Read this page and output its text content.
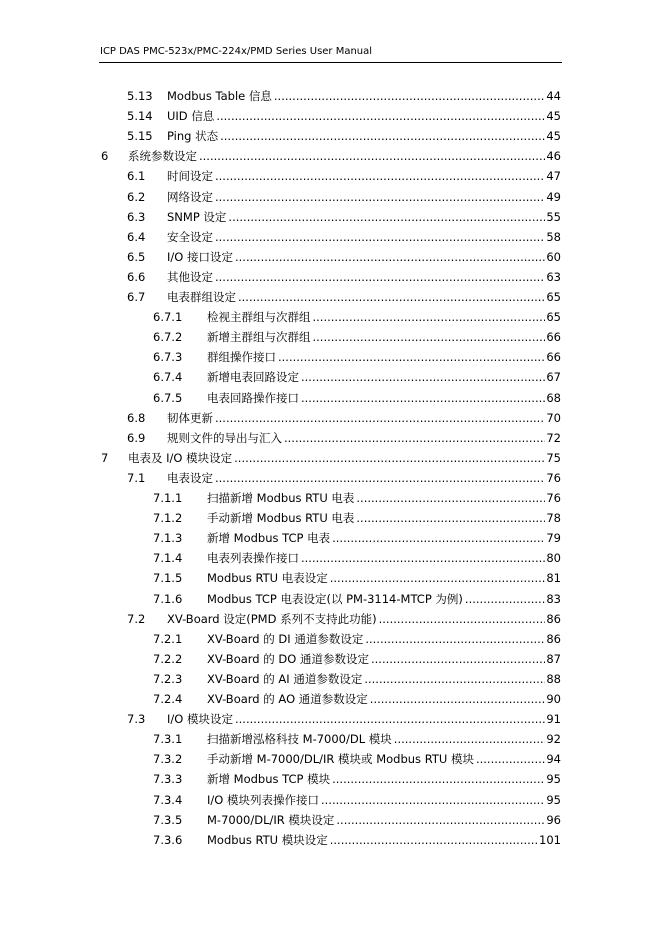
ICP DAS PMC-523x/PMC-224x/PMD Series User Manual
5.13	Modbus Table 信息 .....	44
5.14	UID 信息 .....	45
5.15	Ping 状态 .....	45
6	系统参数设定 .....	46
6.1	时间设定 .....	47
6.2	网络设定 .....	49
6.3	SNMP 设定 .....	55
6.4	安全设定 .....	58
6.5	I/O 接口设定 .....	60
6.6	其他设定 .....	63
6.7	电表群组设定 .....	65
6.7.1	检视主群组与次群组 .....	65
6.7.2	新增主群组与次群组 .....	66
6.7.3	群组操作接口 .....	66
6.7.4	新增电表回路设定 .....	67
6.7.5	电表回路操作接口 .....	68
6.8	韧体更新 .....	70
6.9	规则文件的导出与汇入 .....	72
7	电表及 I/O 模块设定 .....	75
7.1	电表设定 .....	76
7.1.1	扫描新增 Modbus RTU 电表 .....	76
7.1.2	手动新增 Modbus RTU 电表 .....	78
7.1.3	新增 Modbus TCP 电表 .....	79
7.1.4	电表列表操作接口 .....	80
7.1.5	Modbus RTU 电表设定 .....	81
7.1.6	Modbus TCP 电表设定(以 PM-3114-MTCP 为例) .....	83
7.2	XV-Board 设定(PMD 系列不支持此功能) .....	86
7.2.1	XV-Board 的 DI 通道参数设定 .....	86
7.2.2	XV-Board 的 DO 通道参数设定 .....	87
7.2.3	XV-Board 的 AI 通道参数设定 .....	88
7.2.4	XV-Board 的 AO 通道参数设定 .....	90
7.3	I/O 模块设定 .....	91
7.3.1	扫描新增泓格科技 M-7000/DL 模块 .....	92
7.3.2	手动新增 M-7000/DL/IR 模块或 Modbus RTU 模块 .....	94
7.3.3	新增 Modbus TCP 模块 .....	95
7.3.4	I/O 模块列表操作接口 .....	95
7.3.5	M-7000/DL/IR 模块设定 .....	96
7.3.6	Modbus RTU 模块设定 .....	101
